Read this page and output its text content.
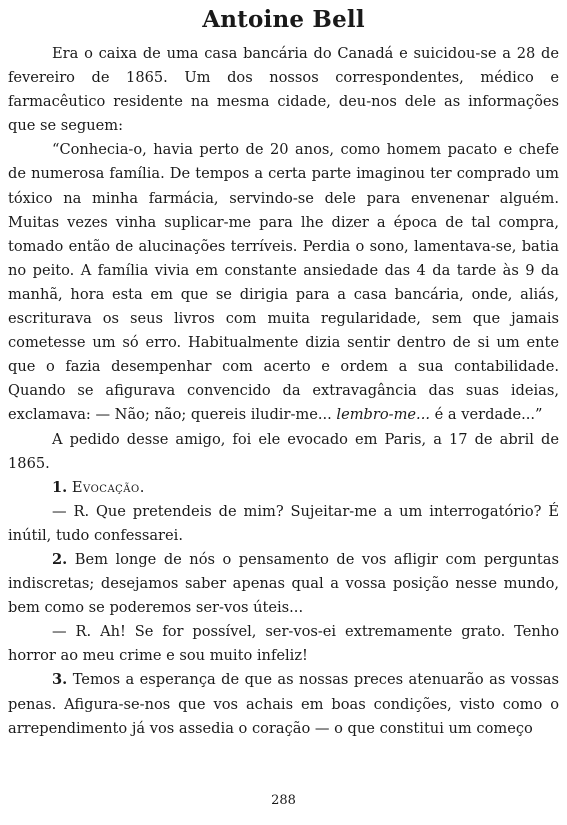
Antoine Bell

Era o caixa de uma casa bancária do Canadá e suicidou-se a 28 de fevereiro de 1865. Um dos nossos correspondentes, médico e farmacêutico residente na mesma cidade, deu-nos dele as informações que se seguem:

“Conhecia-o, havia perto de 20 anos, como homem pacato e chefe de numerosa família. De tempos a certa parte imaginou ter comprado um tóxico na minha farmácia, servindo-se dele para envenenar alguém. Muitas vezes vinha suplicar-me para lhe dizer a época de tal compra, tomado então de alucinações terríveis. Perdia o sono, lamentava-se, batia no peito. A família vivia em constante ansiedade das 4 da tarde às 9 da manhã, hora esta em que se dirigia para a casa bancária, onde, aliás, escriturava os seus livros com muita regularidade, sem que jamais cometesse um só erro. Habitualmente dizia sentir dentro de si um ente que o fazia desempenhar com acerto e ordem a sua contabilidade. Quando se afigurava convencido da extravagância das suas ideias, exclamava: — Não; não; quereis iludir-me... lembro-me... é a verdade...”

A pedido desse amigo, foi ele evocado em Paris, a 17 de abril de 1865.

1. Evocação.

— R. Que pretendeis de mim? Sujeitar-me a um interrogatório? É inútil, tudo confessarei.

2. Bem longe de nós o pensamento de vos afligir com perguntas indiscretas; desejamos saber apenas qual a vossa posição nesse mundo, bem como se poderemos ser-vos úteis...

— R. Ah! Se for possível, ser-vos-ei extremamente grato. Tenho horror ao meu crime e sou muito infeliz!

3. Temos a esperança de que as nossas preces atenuarão as vossas penas. Afigura-se-nos que vos achais em boas condições, visto como o arrependimento já vos assedia o coração — o que constitui um começo

288
